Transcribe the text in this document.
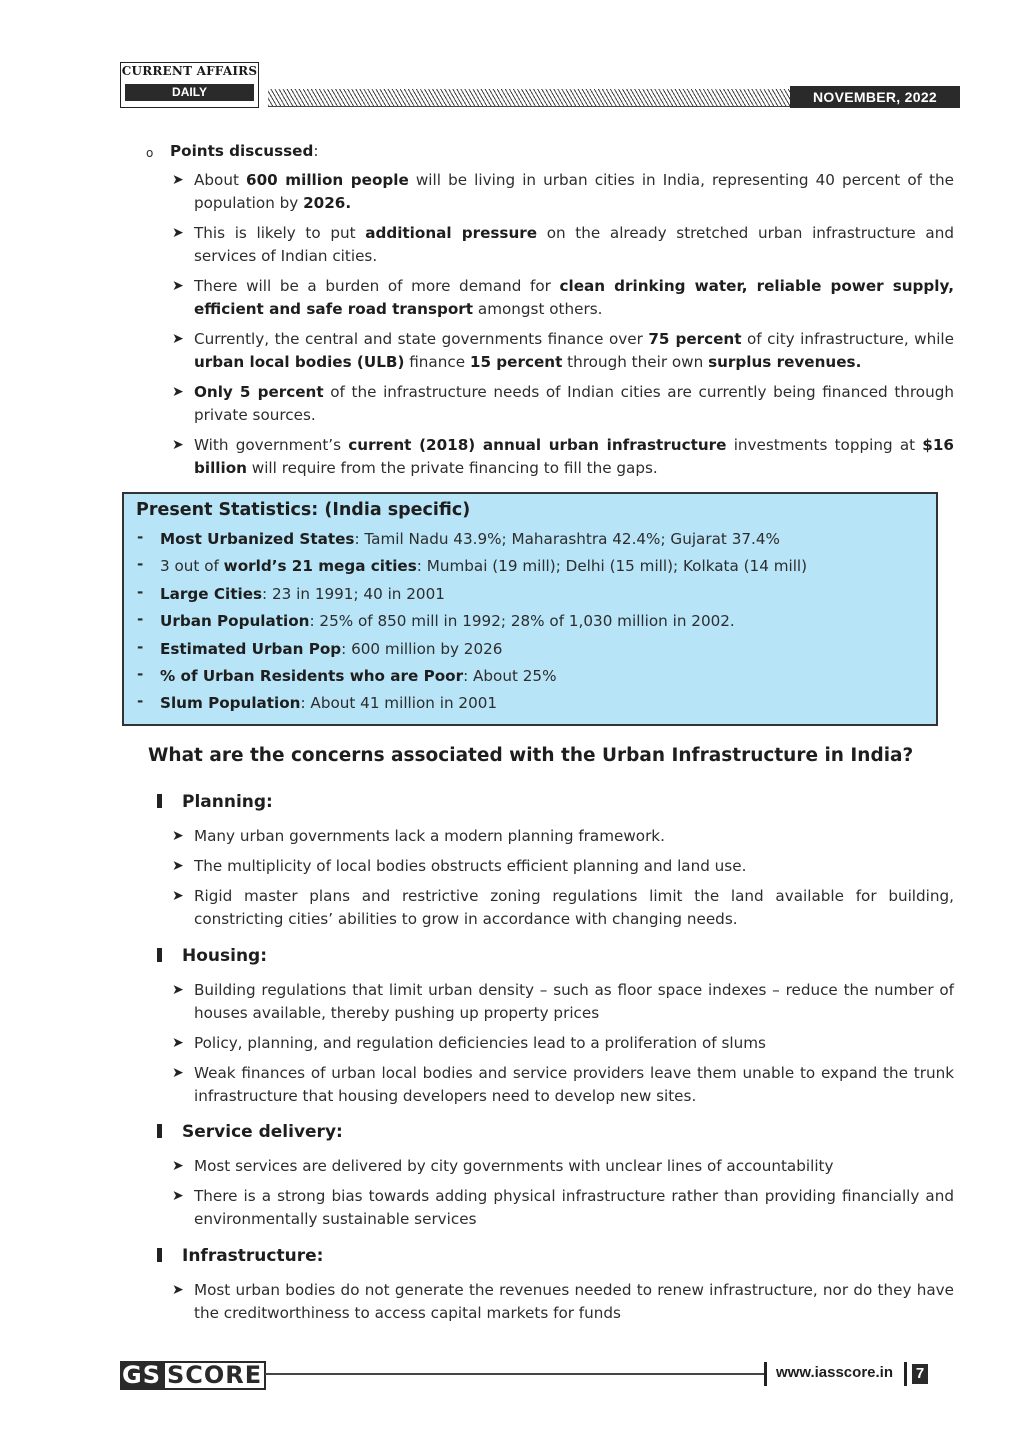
CURRENT AFFAIRS
DAILY	NOVEMBER, 2022
o Points discussed:
➤ About 600 million people will be living in urban cities in India, representing 40 percent of the population by 2026.
➤ This is likely to put additional pressure on the already stretched urban infrastructure and services of Indian cities.
➤ There will be a burden of more demand for clean drinking water, reliable power supply, efficient and safe road transport amongst others.
➤ Currently, the central and state governments finance over 75 percent of city infrastructure, while urban local bodies (ULB) finance 15 percent through their own surplus revenues.
➤ Only 5 percent of the infrastructure needs of Indian cities are currently being financed through private sources.
➤ With government’s current (2018) annual urban infrastructure investments topping at $16 billion will require from the private financing to fill the gaps.
Present Statistics: (India specific)
- Most Urbanized States: Tamil Nadu 43.9%; Maharashtra 42.4%; Gujarat 37.4%
- 3 out of world’s 21 mega cities: Mumbai (19 mill); Delhi (15 mill); Kolkata (14 mill)
- Large Cities: 23 in 1991; 40 in 2001
- Urban Population: 25% of 850 mill in 1992; 28% of 1,030 million in 2002.
- Estimated Urban Pop: 600 million by 2026
- % of Urban Residents who are Poor: About 25%
- Slum Population: About 41 million in 2001
What are the concerns associated with the Urban Infrastructure in India?
Planning:
➤ Many urban governments lack a modern planning framework.
➤ The multiplicity of local bodies obstructs efficient planning and land use.
➤ Rigid master plans and restrictive zoning regulations limit the land available for building, constricting cities’ abilities to grow in accordance with changing needs.
Housing:
➤ Building regulations that limit urban density – such as floor space indexes – reduce the number of houses available, thereby pushing up property prices
➤ Policy, planning, and regulation deficiencies lead to a proliferation of slums
➤ Weak finances of urban local bodies and service providers leave them unable to expand the trunk infrastructure that housing developers need to develop new sites.
Service delivery:
➤ Most services are delivered by city governments with unclear lines of accountability
➤ There is a strong bias towards adding physical infrastructure rather than providing financially and environmentally sustainable services
Infrastructure:
➤ Most urban bodies do not generate the revenues needed to renew infrastructure, nor do they have the creditworthiness to access capital markets for funds
GS SCORE	www.iasscore.in 7
